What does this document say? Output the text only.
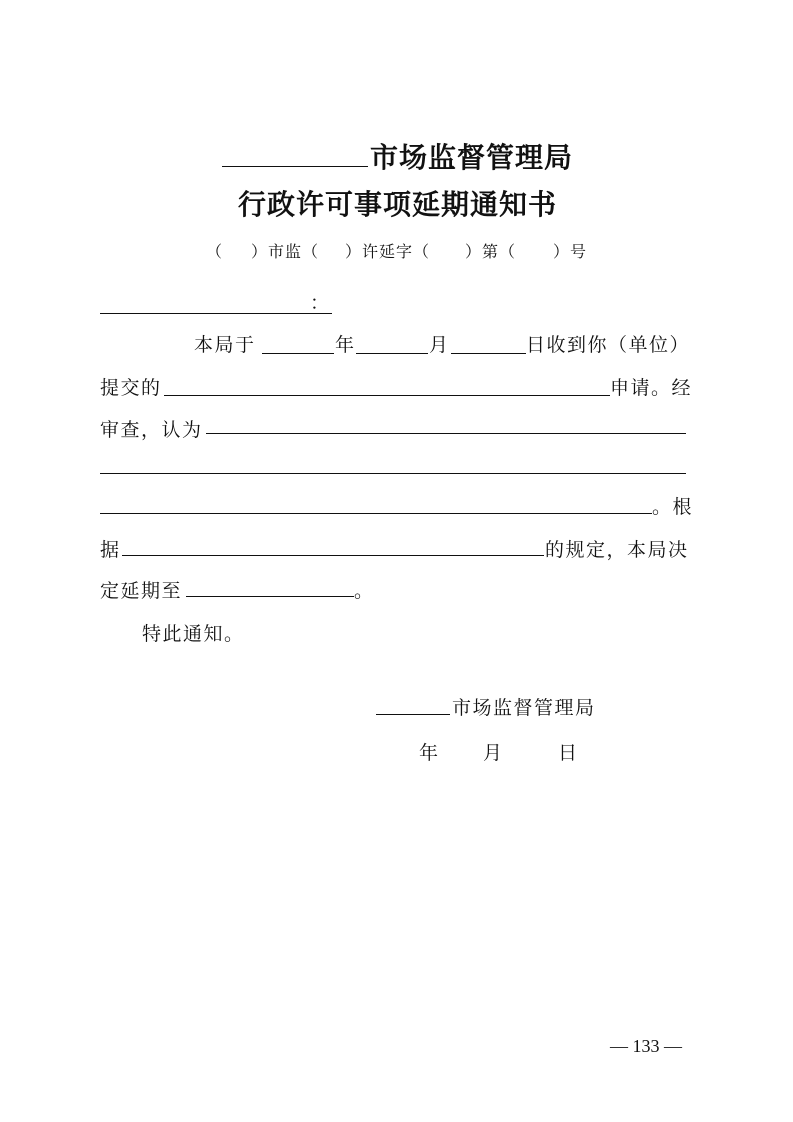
市场监督管理局
行政许可事项延期通知书
（ ）市监（ ）许延字（ ）第（ ）号
：
本局于	年	月	日收到你（单位）
提交的	申请。经
审查，认为
。根
据	的规定，本局决
定延期至	。
特此通知。
市场监督管理局
年 月	日
— 133 —
